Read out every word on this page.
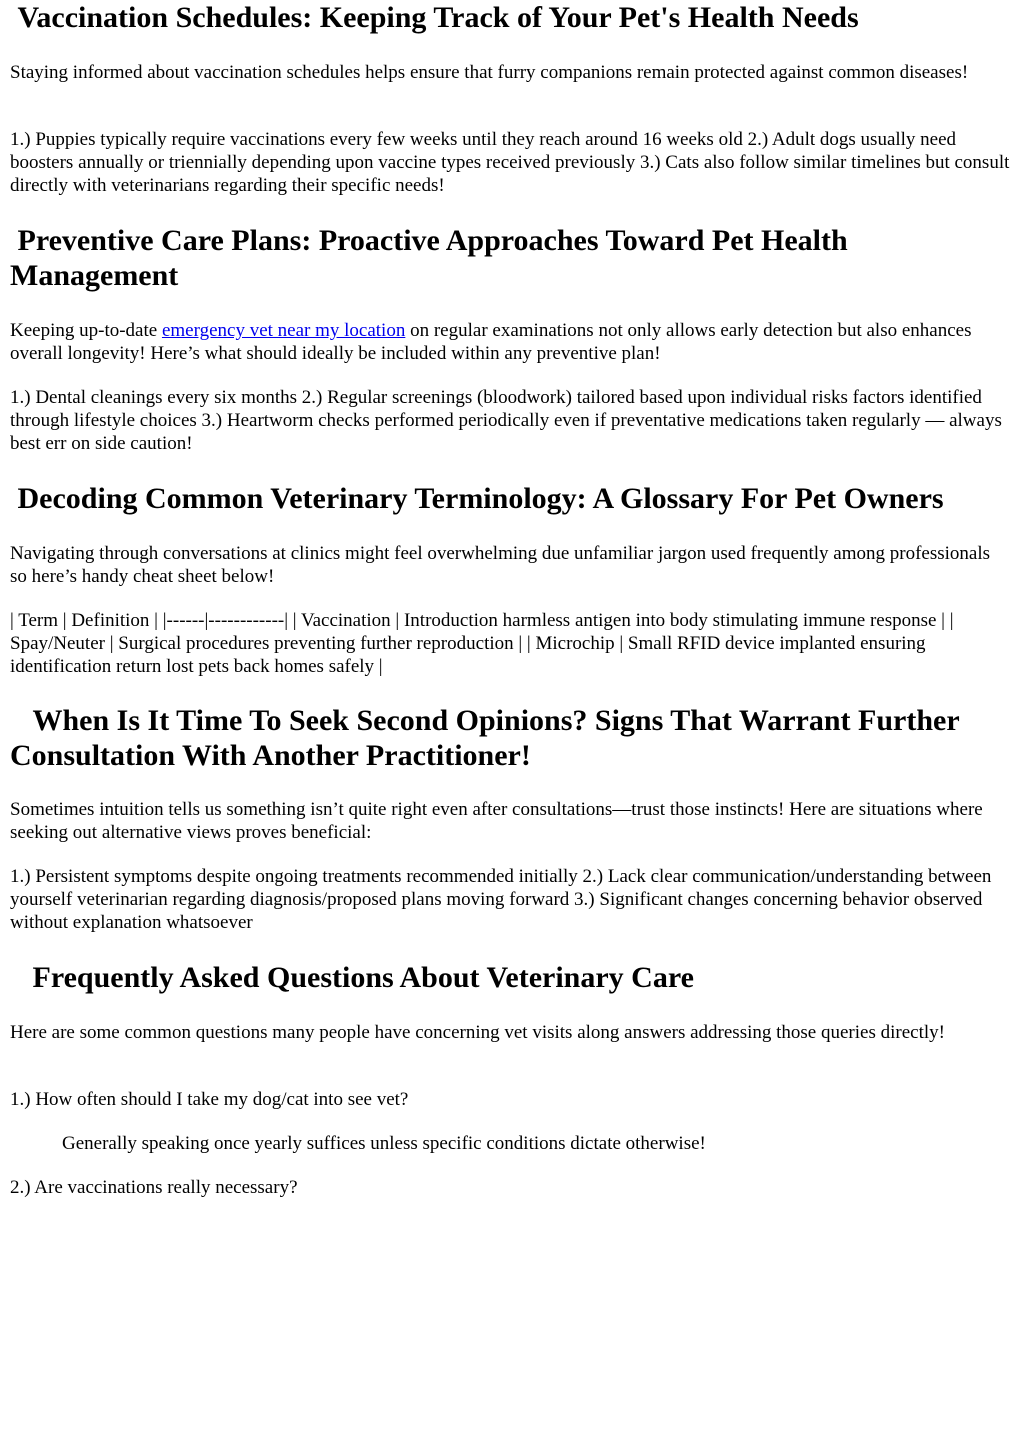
Vaccination Schedules: Keeping Track of Your Pet's Health Needs

Staying informed about vaccination schedules helps ensure that furry companions remain protected against common diseases!

1.) Puppies typically require vaccinations every few weeks until they reach around 16 weeks old 2.) Adult dogs usually need boosters annually or triennially depending upon vaccine types received previously 3.) Cats also follow similar timelines but consult directly with veterinarians regarding their specific needs!

Preventive Care Plans: Proactive Approaches Toward Pet Health Management

Keeping up-to-date emergency vet near my location on regular examinations not only allows early detection but also enhances overall longevity! Here’s what should ideally be included within any preventive plan!

1.) Dental cleanings every six months 2.) Regular screenings (bloodwork) tailored based upon individual risks factors identified through lifestyle choices 3.) Heartworm checks performed periodically even if preventative medications taken regularly — always best err on side caution!

Decoding Common Veterinary Terminology: A Glossary For Pet Owners

Navigating through conversations at clinics might feel overwhelming due unfamiliar jargon used frequently among professionals so here’s handy cheat sheet below!

| Term | Definition | |------|------------| | Vaccination | Introduction harmless antigen into body stimulating immune response | | Spay/Neuter | Surgical procedures preventing further reproduction | | Microchip | Small RFID device implanted ensuring identification return lost pets back homes safely |

When Is It Time To Seek Second Opinions? Signs That Warrant Further Consultation With Another Practitioner!

Sometimes intuition tells us something isn’t quite right even after consultations—trust those instincts! Here are situations where seeking out alternative views proves beneficial:

1.) Persistent symptoms despite ongoing treatments recommended initially 2.) Lack clear communication/understanding between yourself veterinarian regarding diagnosis/proposed plans moving forward 3.) Significant changes concerning behavior observed without explanation whatsoever

Frequently Asked Questions About Veterinary Care

Here are some common questions many people have concerning vet visits along answers addressing those queries directly!

1.) How often should I take my dog/cat into see vet?

Generally speaking once yearly suffices unless specific conditions dictate otherwise!

2.) Are vaccinations really necessary?
